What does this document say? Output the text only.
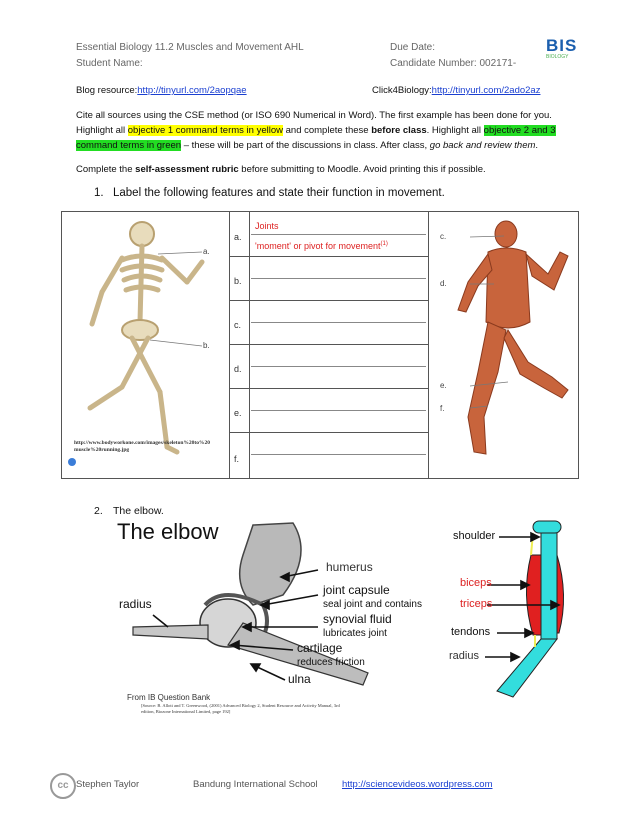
Essential Biology 11.2 Muscles and Movement AHL
Student Name:
Due Date:
Candidate Number: 002171-
BIS
BIOLOGY
Blog resource:http://tinyurl.com/2aopqae	Click4Biology:http://tinyurl.com/2ado2az
Cite all sources using the CSE method (or ISO 690 Numerical in Word). The first example has been done for you.
Highlight all objective 1 command terms in yellow and complete these before class. Highlight all objective 2 and 3
command terms in green – these will be part of the discussions in class. After class, go back and review them.
Complete the self-assessment rubric before submitting to Moodle. Avoid printing this if possible.
1. Label the following features and state their function in movement.
a.
b.
http://www.bodyworkone.com/images/skeleton%20to%20muscle%20running.jpg
a.
Joints
'moment' or pivot for movement$^{(1)}$
b.
c.
d.
e.
f.
c.
d.
e.
f.
2. The elbow.
The elbow
humerus
joint capsule
seal joint and contains
synovial fluid
lubricates joint
cartilage
reduces friction
ulna
radius
shoulder
biceps
triceps
tendons
radius
From IB Question Bank
[Source: B. Allott and T. Greenwood, (2001) Advanced Biology 2, Student Resource and Activity Manual, 3rd edition, Biozone International Limited, page 192]
cc Stephen Taylor	Bandung International School	http://sciencevideos.wordpress.com
